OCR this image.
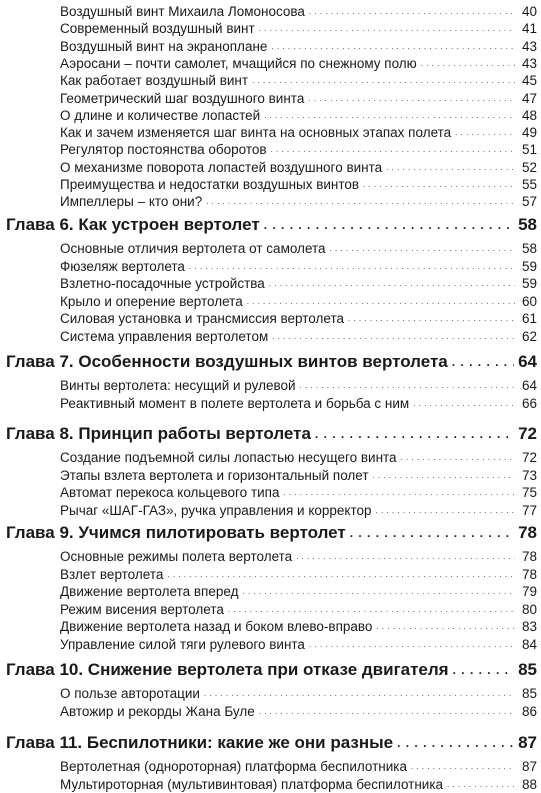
Воздушный винт Михаила Ломоносова . . .	40
Современный воздушный винт . . .	41
Воздушный винт на экраноплане . . .	43
Аэросани – почти самолет, мчащийся по снежному полю . . .	43
Как работает воздушный винт . . .	45
Геометрический шаг воздушного винта . . .	47
О длине и количестве лопастей . . .	48
Как и зачем изменяется шаг винта на основных этапах полета . . .	49
Регулятор постоянства оборотов . . .	51
О механизме поворота лопастей воздушного винта . . .	52
Преимущества и недостатки воздушных винтов . . .	55
Импеллеры – кто они? . . .	57
Глава 6. Как устроен вертолет . . .	58
Основные отличия вертолета от самолета . . .	58
Фюзеляж вертолета . . .	59
Взлетно-посадочные устройства . . .	59
Крыло и оперение вертолета . . .	60
Силовая установка и трансмиссия вертолета . . .	61
Система управления вертолетом . . .	62
Глава 7. Особенности воздушных винтов вертолета . . .	64
Винты вертолета: несущий и рулевой . . .	64
Реактивный момент в полете вертолета и борьба с ним . . .	66
Глава 8. Принцип работы вертолета . . .	72
Создание подъемной силы лопастью несущего винта . . .	72
Этапы взлета вертолета и горизонтальный полет . . .	73
Автомат перекоса кольцевого типа . . .	75
Рычаг «ШАГ-ГАЗ», ручка управления и корректор . . .	77
Глава 9. Учимся пилотировать вертолет . . .	78
Основные режимы полета вертолета . . .	78
Взлет вертолета . . .	78
Движение вертолета вперед . . .	79
Режим висения вертолета . . .	80
Движение вертолета назад и боком влево-вправо . . .	83
Управление силой тяги рулевого винта . . .	84
Глава 10. Снижение вертолета при отказе двигателя . . .	85
О пользе авторотации . . .	85
Автожир и рекорды Жана Буле . . .	86
Глава 11. Беспилотники: какие же они разные . . .	87
Вертолетная (однороторная) платформа беспилотника . . .	87
Мультироторная (мультивинтовая) платформа беспилотника . . .	88
